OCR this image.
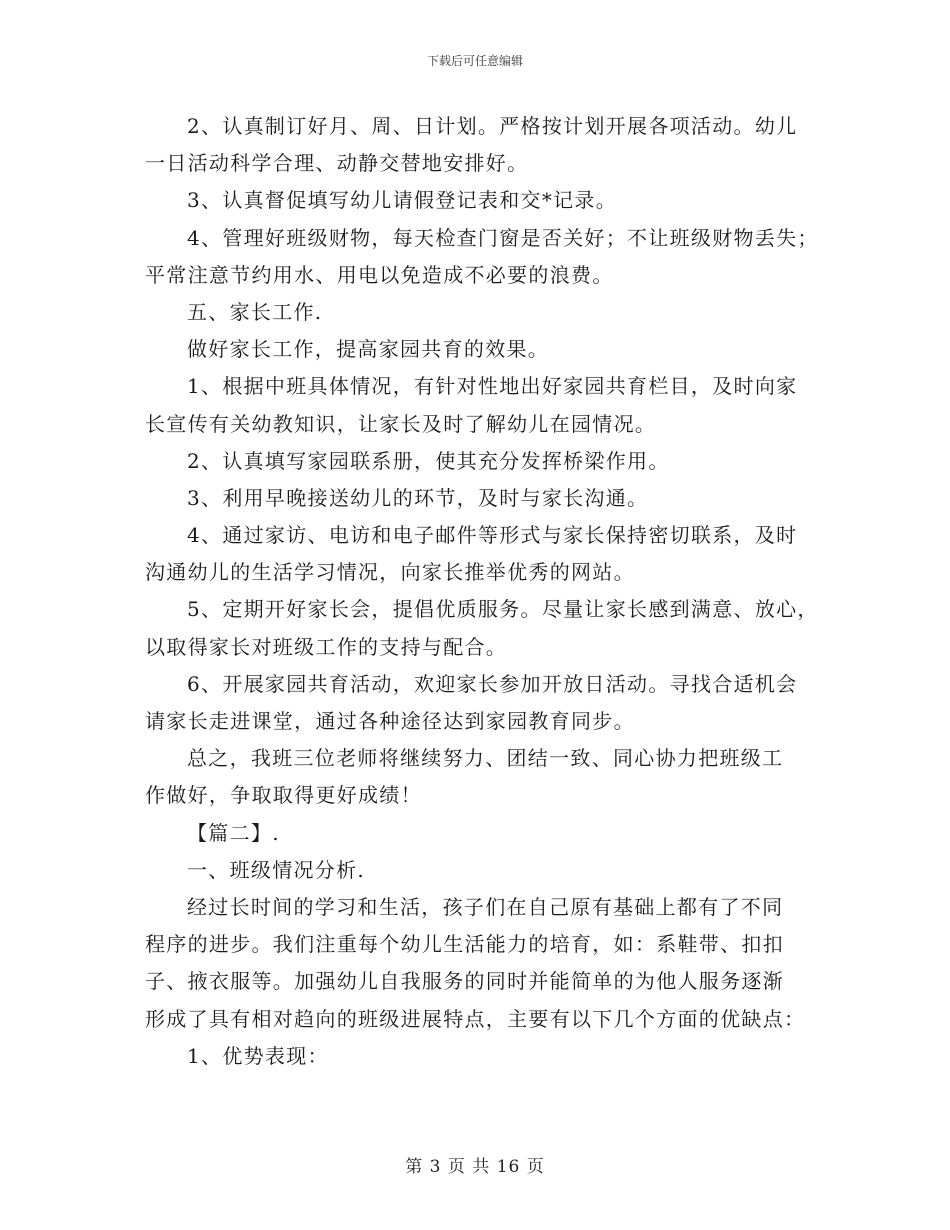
下载后可任意编辑
2、认真制订好月、周、日计划。严格按计划开展各项活动。幼儿
一日活动科学合理、动静交替地安排好。
3、认真督促填写幼儿请假登记表和交*记录。
4、管理好班级财物，每天检查门窗是否关好；不让班级财物丢失；
平常注意节约用水、用电以免造成不必要的浪费。
五、家长工作.
做好家长工作，提高家园共育的效果。
1、根据中班具体情况，有针对性地出好家园共育栏目，及时向家
长宣传有关幼教知识，让家长及时了解幼儿在园情况。
2、认真填写家园联系册，使其充分发挥桥梁作用。
3、利用早晚接送幼儿的环节，及时与家长沟通。
4、通过家访、电访和电子邮件等形式与家长保持密切联系，及时
沟通幼儿的生活学习情况，向家长推举优秀的网站。
5、定期开好家长会，提倡优质服务。尽量让家长感到满意、放心，
以取得家长对班级工作的支持与配合。
6、开展家园共育活动，欢迎家长参加开放日活动。寻找合适机会
请家长走进课堂，通过各种途径达到家园教育同步。
总之，我班三位老师将继续努力、团结一致、同心协力把班级工
作做好，争取取得更好成绩！
【篇二】.
一、班级情况分析.
经过长时间的学习和生活，孩子们在自己原有基础上都有了不同
程序的进步。我们注重每个幼儿生活能力的培育，如：系鞋带、扣扣
子、掖衣服等。加强幼儿自我服务的同时并能简单的为他人服务逐渐
形成了具有相对趋向的班级进展特点，主要有以下几个方面的优缺点：
1、优势表现：
第 3 页 共 16 页
